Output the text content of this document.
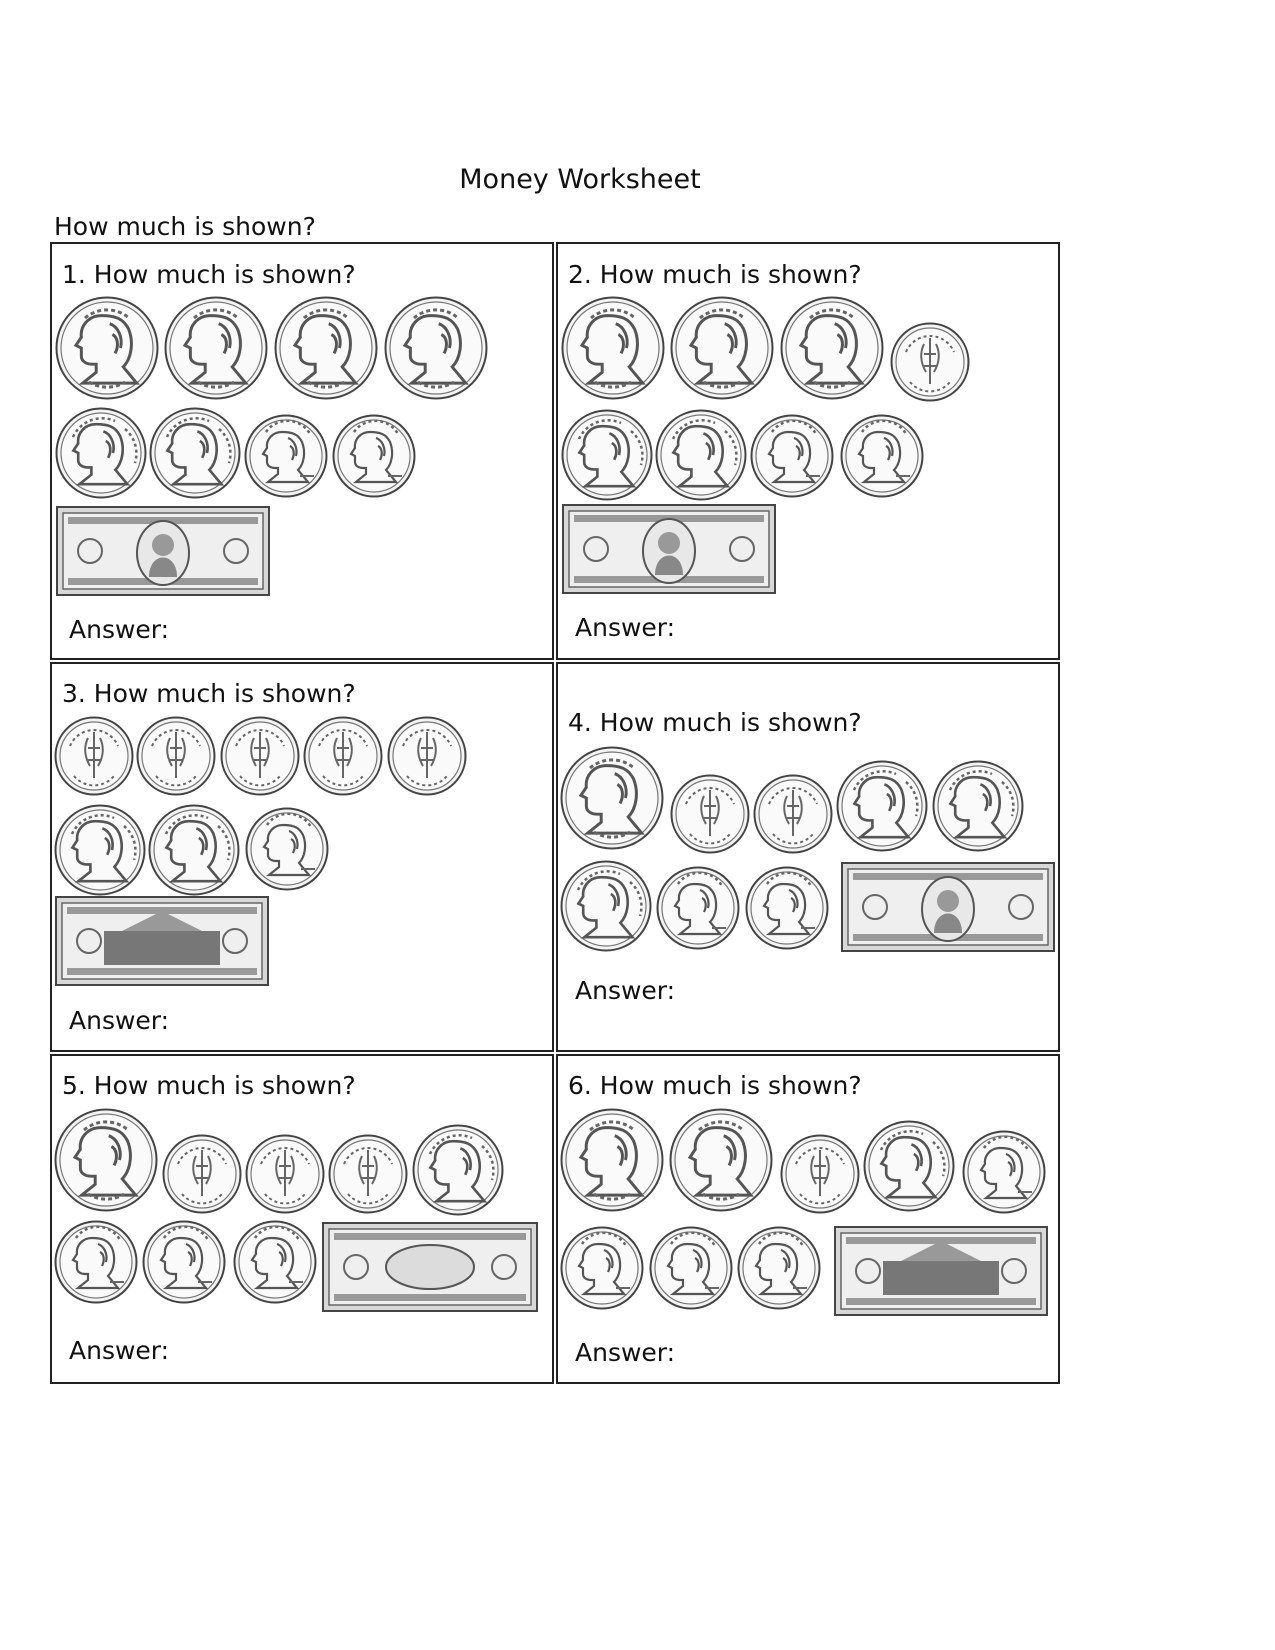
Money Worksheet
How much is shown?
1. How much is shown?
Answer:
2. How much is shown?
Answer:
3. How much is shown?
Answer:
4. How much is shown?
Answer:
5. How much is shown?
Answer:
6. How much is shown?
Answer:
